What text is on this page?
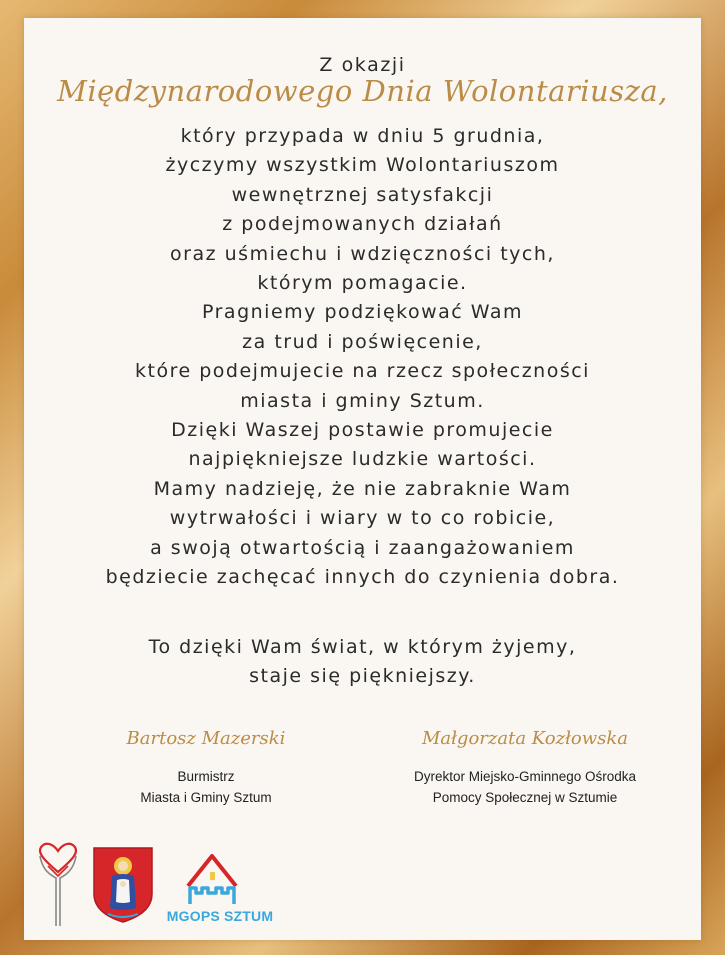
Z okazji
Międzynarodowego Dnia Wolontariusza,
który przypada w dniu 5 grudnia,
życzymy wszystkim Wolontariuszom
wewnętrznej satysfakcji
z podejmowanych działań
oraz uśmiechu i wdzięczności tych,
którym pomagacie.
Pragniemy podziękować Wam
za trud i poświęcenie,
które podejmujecie na rzecz społeczności
miasta i gminy Sztum.
Dzięki Waszej postawie promujecie
najpiękniejsze ludzkie wartości.
Mamy nadzieję, że nie zabraknie Wam
wytrwałości i wiary w to co robicie,
a swoją otwartością i zaangażowaniem
będziecie zachęcać innych do czynienia dobra.
To dzięki Wam świat, w którym żyjemy,
staje się piękniejszy.
Bartosz Mazerski
Burmistrz
Miasta i Gminy Sztum
Małgorzata Kozłowska
Dyrektor Miejsko-Gminnego Ośrodka
Pomocy Społecznej w Sztumie
MGOPS SZTUM
